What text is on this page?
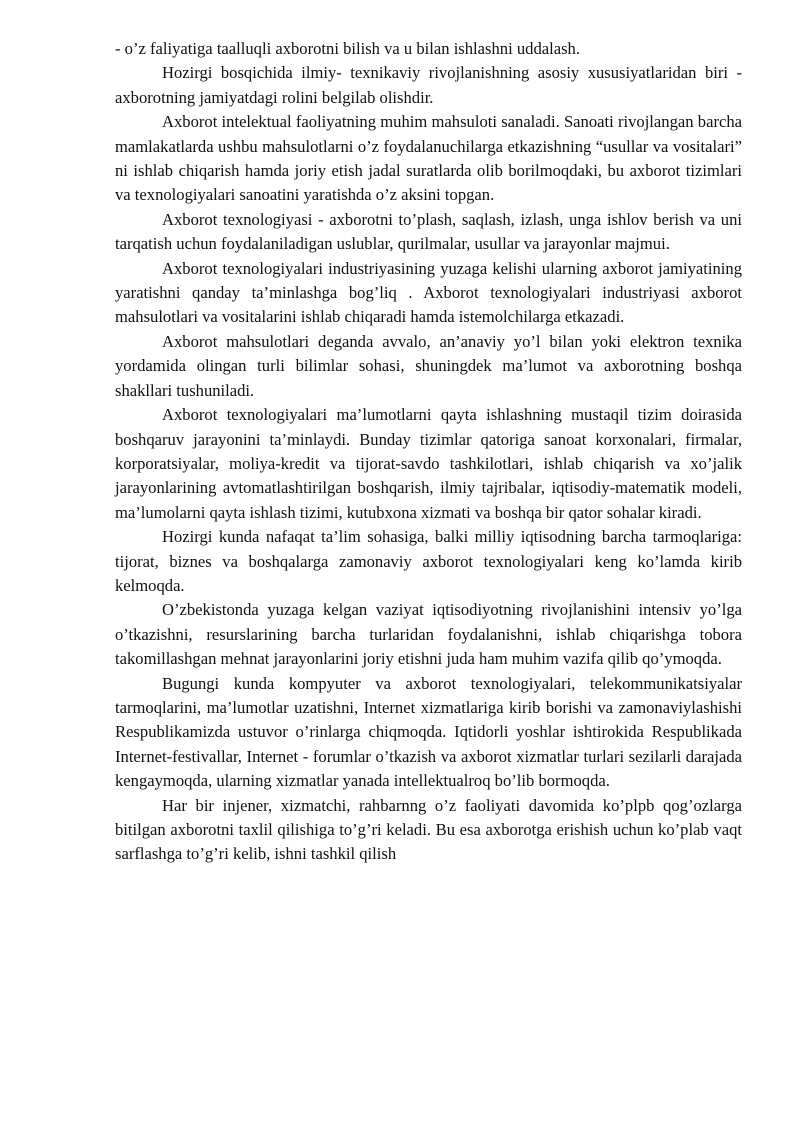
- o’z faliyatiga taalluqli axborotni bilish va u bilan ishlashni uddalash.

Hozirgi bosqichida ilmiy- texnikaviy rivojlanishning asosiy xususiyatlaridan biri - axborotning jamiyatdagi rolini belgilab olishdir.

Axborot intelektual faoliyatning muhim mahsuloti sanaladi. Sanoati rivojlangan barcha mamlakatlarda ushbu mahsulotlarni o’z foydalanuchilarga etkazishning “usullar va vositalari” ni ishlab chiqarish hamda joriy etish jadal suratlarda olib borilmoqdaki, bu axborot tizimlari va texnologiyalari sanoatini yaratishda o’z aksini topgan.

Axborot texnologiyasi - axborotni to’plash, saqlash, izlash, unga ishlov berish va uni tarqatish uchun foydalaniladigan uslublar, qurilmalar, usullar va jarayonlar majmui.

Axborot texnologiyalari industriyasining yuzaga kelishi ularning axborot jamiyatining yaratishni qanday ta’minlashga bog’liq . Axborot texnologiyalari industriyasi axborot mahsulotlari va vositalarini ishlab chiqaradi hamda istemolchilarga etkazadi.

Axborot mahsulotlari deganda avvalo, an’anaviy yo’l bilan yoki elektron texnika yordamida olingan turli bilimlar sohasi, shuningdek ma’lumot va axborotning boshqa shakllari tushuniladi.

Axborot texnologiyalari ma’lumotlarni qayta ishlashning mustaqil tizim doirasida boshqaruv jarayonini ta’minlaydi. Bunday tizimlar qatoriga sanoat korxonalari, firmalar, korporatsiyalar, moliya-kredit va tijorat-savdo tashkilotlari, ishlab chiqarish va xo’jalik jarayonlarining avtomatlashtirilgan boshqarish, ilmiy tajribalar, iqtisodiy-matematik modeli, ma’lumolarni qayta ishlash tizimi, kutubxona xizmati va boshqa bir qator sohalar kiradi.

Hozirgi kunda nafaqat ta’lim sohasiga, balki milliy iqtisodning barcha tarmoqlariga: tijorat, biznes va boshqalarga zamonaviy axborot texnologiyalari keng ko’lamda kirib kelmoqda.

O’zbekistonda yuzaga kelgan vaziyat iqtisodiyotning rivojlanishini intensiv yo’lga o’tkazishni, resurslarining barcha turlaridan foydalanishni, ishlab chiqarishga tobora takomillashgan mehnat jarayonlarini joriy etishni juda ham muhim vazifa qilib qo’ymoqda.

Bugungi kunda kompyuter va axborot texnologiyalari, telekommunikatsiyalar tarmoqlarini, ma’lumotlar uzatishni, Internet xizmatlariga kirib borishi va zamonaviylashishi Respublikamizda ustuvor o’rinlarga chiqmoqda. Iqtidorli yoshlar ishtirokida Respublikada Internet-festivallar, Internet - forumlar o’tkazish va axborot xizmatlar turlari sezilarli darajada kengaymoqda, ularning xizmatlar yanada intellektualroq bo’lib bormoqda.

Har bir injener, xizmatchi, rahbarnng o’z faoliyati davomida ko’plpb qog’ozlarga bitilgan axborotni taxlil qilishiga to’g’ri keladi. Bu esa axborotga erishish uchun ko’plab vaqt sarflashga to’g’ri kelib, ishni tashkil qilish
